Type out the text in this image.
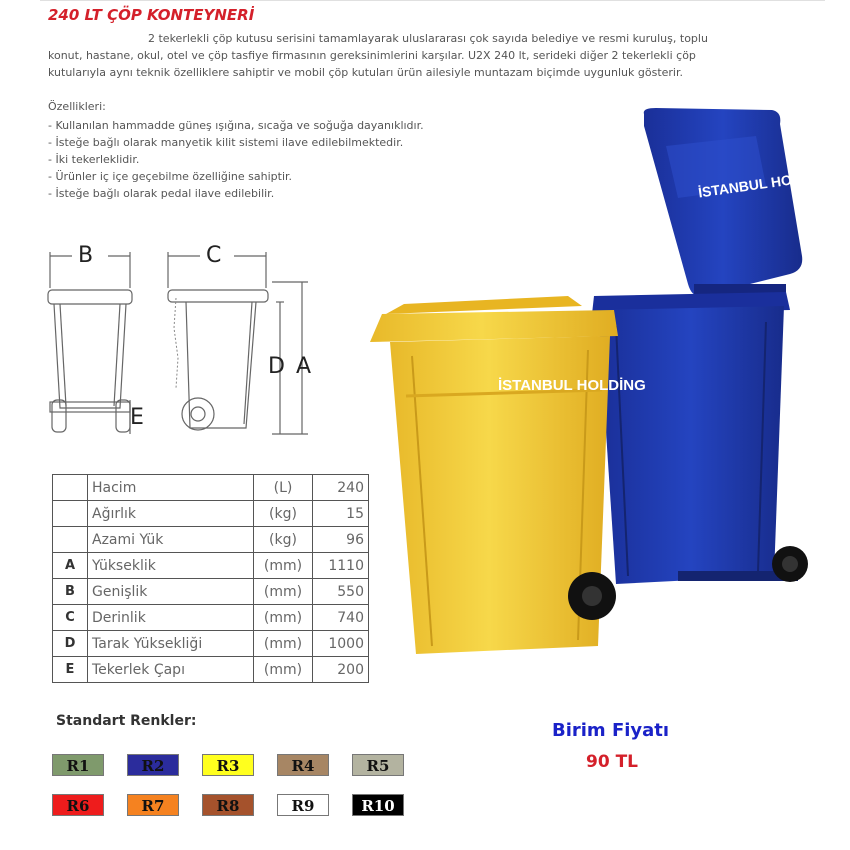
240 LT ÇÖP KONTEYNERİ
2 tekerlekli çöp kutusu serisini tamamlayarak uluslararası çok sayıda belediye ve resmi kuruluş, toplu
konut, hastane, okul, otel ve çöp tasfiye firmasının gereksinimlerini karşılar. U2X 240 lt, serideki diğer 2 tekerlekli çöp
kutularıyla aynı teknik özelliklere sahiptir ve mobil çöp kutuları ürün ailesiyle muntazam biçimde uygunluk gösterir.
Özellikleri:
- Kullanılan hammadde güneş ışığına, sıcağa ve soğuğa dayanıklıdır.
- İsteğe bağlı olarak manyetik kilit sistemi ilave edilebilmektedir.
- İki tekerleklidir.
- Ürünler iç içe geçebilme özelliğine sahiptir.
- İsteğe bağlı olarak pedal ilave edilebilir.
B	C
D A
E
	Hacim	(L)	240
	Ağırlık	(kg)	15
	Azami Yük	(kg)	96
A	Yükseklik	(mm)	1110
B	Genişlik	(mm)	550
C	Derinlik	(mm)	740
D	Tarak Yüksekliği	(mm)	1000
E	Tekerlek Çapı	(mm)	200
İSTANBUL HOLDİNG
İSTANBUL HOLDİNG
Standart Renkler:
R1	R2	R3	R4	R5
R6	R7	R8	R9	R10
Birim Fiyatı
90 TL
